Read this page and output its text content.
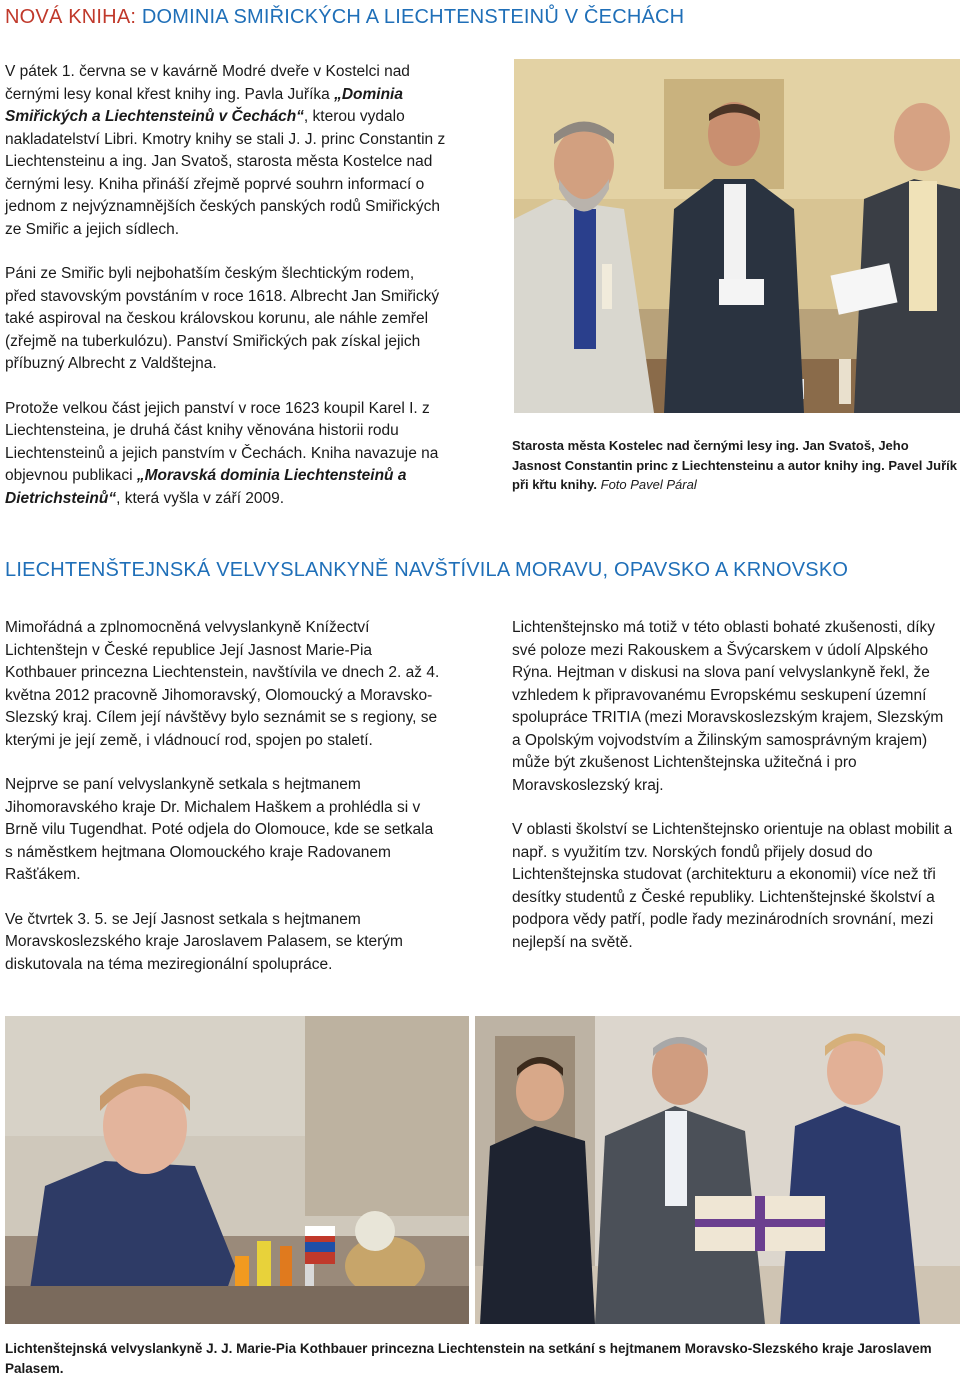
NOVÁ KNIHA: DOMINIA SMIŘICKÝCH A LIECHTENSTEINŮ V ČECHÁCH

V pátek 1. června se v kavárně Modré dveře v Kostelci nad černými lesy konal křest knihy ing. Pavla Juříka „Dominia Smiřických a Liechtensteinů v Čechách“, kterou vydalo nakladatelství Libri. Kmotry knihy se stali J. J. princ Constantin z Liechtensteinu a ing. Jan Svatoš, starosta města Kostelce nad černými lesy. Kniha přináší zřejmě poprvé souhrn informací o jednom z nejvýznamnějších českých panských rodů Smiřických ze Smiřic a jejich sídlech.

Páni ze Smiřic byli nejbohatším českým šlechtickým rodem, před stavovským povstáním v roce 1618. Albrecht Jan Smiřický také aspiroval na českou královskou korunu, ale náhle zemřel (zřejmě na tuberkulózu). Panství Smiřických pak získal jejich příbuzný Albrecht z Valdštejna.

Protože velkou část jejich panství v roce 1623 koupil Karel I. z Liechtensteina, je druhá část knihy věnována historii rodu Liechtensteinů a jejich panstvím v Čechách. Kniha navazuje na objevnou publikaci „Moravská dominia Liechtensteinů a Dietrichsteinů“, která vyšla v září 2009.

Starosta města Kostelec nad černými lesy ing. Jan Svatoš, Jeho Jasnost Constantin princ z Liechtensteinu a autor knihy ing. Pavel Juřík při křtu knihy. Foto Pavel Páral
LIECHTENŠTEJNSKÁ VELVYSLANKYNĚ NAVŠTÍVILA MORAVU, OPAVSKO A KRNOVSKO

Mimořádná a zplnomocněná velvyslankyně Knížectví Lichtenštejn v České republice Její Jasnost Marie-Pia Kothbauer princezna Liechtenstein, navštívila ve dnech 2. až 4. května 2012 pracovně Jihomoravský, Olomoucký a Moravsko-Slezský kraj. Cílem její návštěvy bylo seznámit se s regiony, se kterými je její země, i vládnoucí rod, spojen po staletí.

Nejprve se paní velvyslankyně setkala s hejtmanem Jihomoravského kraje Dr. Michalem Haškem a prohlédla si v Brně vilu Tugendhat. Poté odjela do Olomouce, kde se setkala s náměstkem hejtmana Olomouckého kraje Radovanem Rašťákem.

Ve čtvrtek 3. 5. se Její Jasnost setkala s hejtmanem Moravskoslezského kraje Jaroslavem Palasem, se kterým diskutovala na téma meziregionální spolupráce.

Lichtenštejnsko má totiž v této oblasti bohaté zkušenosti, díky své poloze mezi Rakouskem a Švýcarskem v údolí Alpského Rýna. Hejtman v diskusi na slova paní velvyslankyně řekl, že vzhledem k připravovanému Evropskému seskupení územní spolupráce TRITIA (mezi Moravskoslezským krajem, Slezským a Opolským vojvodstvím a Žilinským samosprávným krajem) může být zkušenost Lichtenštejnska užitečná i pro Moravskoslezský kraj.

V oblasti školství se Lichtenštejnsko orientuje na oblast mobilit a např. s využitím tzv. Norských fondů přijely dosud do Lichtenštejnska studovat (architekturu a ekonomii) více než tři desítky studentů z České republiky. Lichtenštejnské školství a podpora vědy patří, podle řady mezinárodních srovnání, mezi nejlepší na světě.

Lichtenštejnská velvyslankyně J. J. Marie-Pia Kothbauer princezna Liechtenstein na setkání s hejtmanem Moravsko-Slezského kraje Jaroslavem Palasem.
